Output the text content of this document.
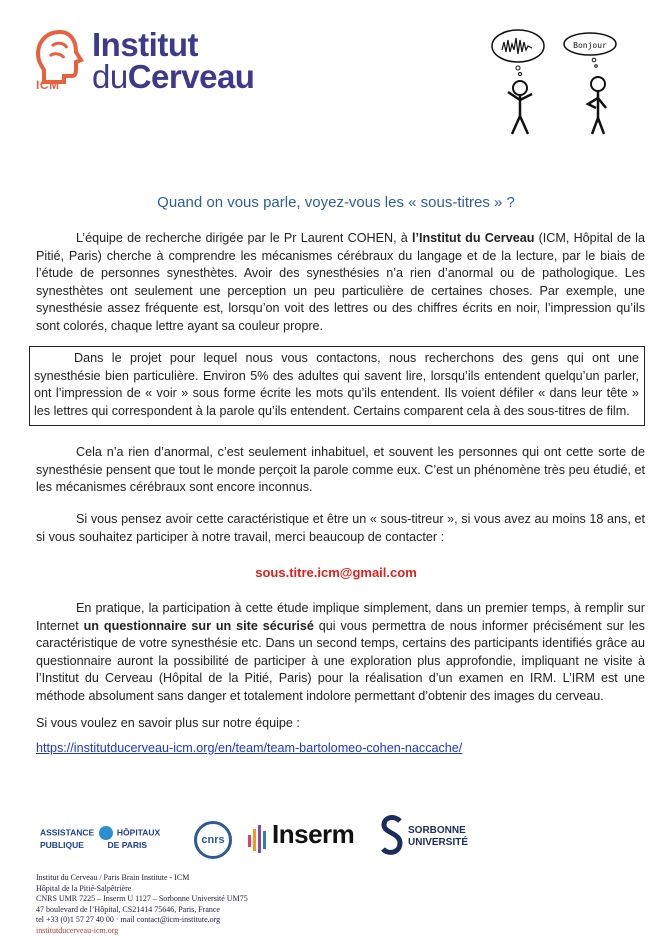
ICM
Institut
duCerveau
Bonjour
Quand on vous parle, voyez-vous les « sous-titres » ?
L’équipe de recherche dirigée par le Pr Laurent COHEN, à l’Institut du Cerveau (ICM, Hôpital de la Pitié, Paris) cherche à comprendre les mécanismes cérébraux du langage et de la lecture, par le biais de l’étude de personnes synesthètes. Avoir des synesthésies n’a rien d’anormal ou de pathologique. Les synesthètes ont seulement une perception un peu particulière de certaines choses. Par exemple, une synesthésie assez fréquente est, lorsqu’on voit des lettres ou des chiffres écrits en noir, l’impression qu’ils sont colorés, chaque lettre ayant sa couleur propre.
Dans le projet pour lequel nous vous contactons, nous recherchons des gens qui ont une synesthésie bien particulière. Environ 5% des adultes qui savent lire, lorsqu’ils entendent quelqu’un parler, ont l’impression de « voir » sous forme écrite les mots qu’ils entendent. Ils voient défiler « dans leur tête » les lettres qui correspondent à la parole qu’ils entendent. Certains comparent cela à des sous-titres de film.
Cela n’a rien d’anormal, c’est seulement inhabituel, et souvent les personnes qui ont cette sorte de synesthésie pensent que tout le monde perçoit la parole comme eux. C’est un phénomène très peu étudié, et les mécanismes cérébraux sont encore inconnus.
Si vous pensez avoir cette caractéristique et être un « sous-titreur », si vous avez au moins 18 ans, et si vous souhaitez participer à notre travail, merci beaucoup de contacter :
sous.titre.icm@gmail.com
En pratique, la participation à cette étude implique simplement, dans un premier temps, à remplir sur Internet un questionnaire sur un site sécurisé qui vous permettra de nous informer précisément sur les caractéristique de votre synesthésie etc. Dans un second temps, certains des participants identifiés grâce au questionnaire auront la possibilité de participer à une exploration plus approfondie, impliquant ne visite à l’Institut du Cerveau (Hôpital de la Pitié, Paris) pour la réalisation d’un examen en IRM. L’IRM est une méthode absolument sans danger et totalement indolore permettant d’obtenir des images du cerveau.
Si vous voulez en savoir plus sur notre équipe :
https://institutducerveau-icm.org/en/team/team-bartolomeo-cohen-naccache/
ASSISTANCE	HÔPITAUX
PUBLIQUE	DE PARIS	cnrs Inserm	SORBONNE
UNIVERSITÉ
Institut du Cerveau / Paris Brain Institute - ICM
Hôpital de la Pitié-Salpêtrière
CNRS UMR 7225 – Inserm U 1127 – Sorbonne Université UM75
47 boulevard de l’Hôpital, CS21414 75646, Paris, France
tel +33 (0)1 57 27 40 00 · mail contact@icm-institute.org
institutducerveau-icm.org
